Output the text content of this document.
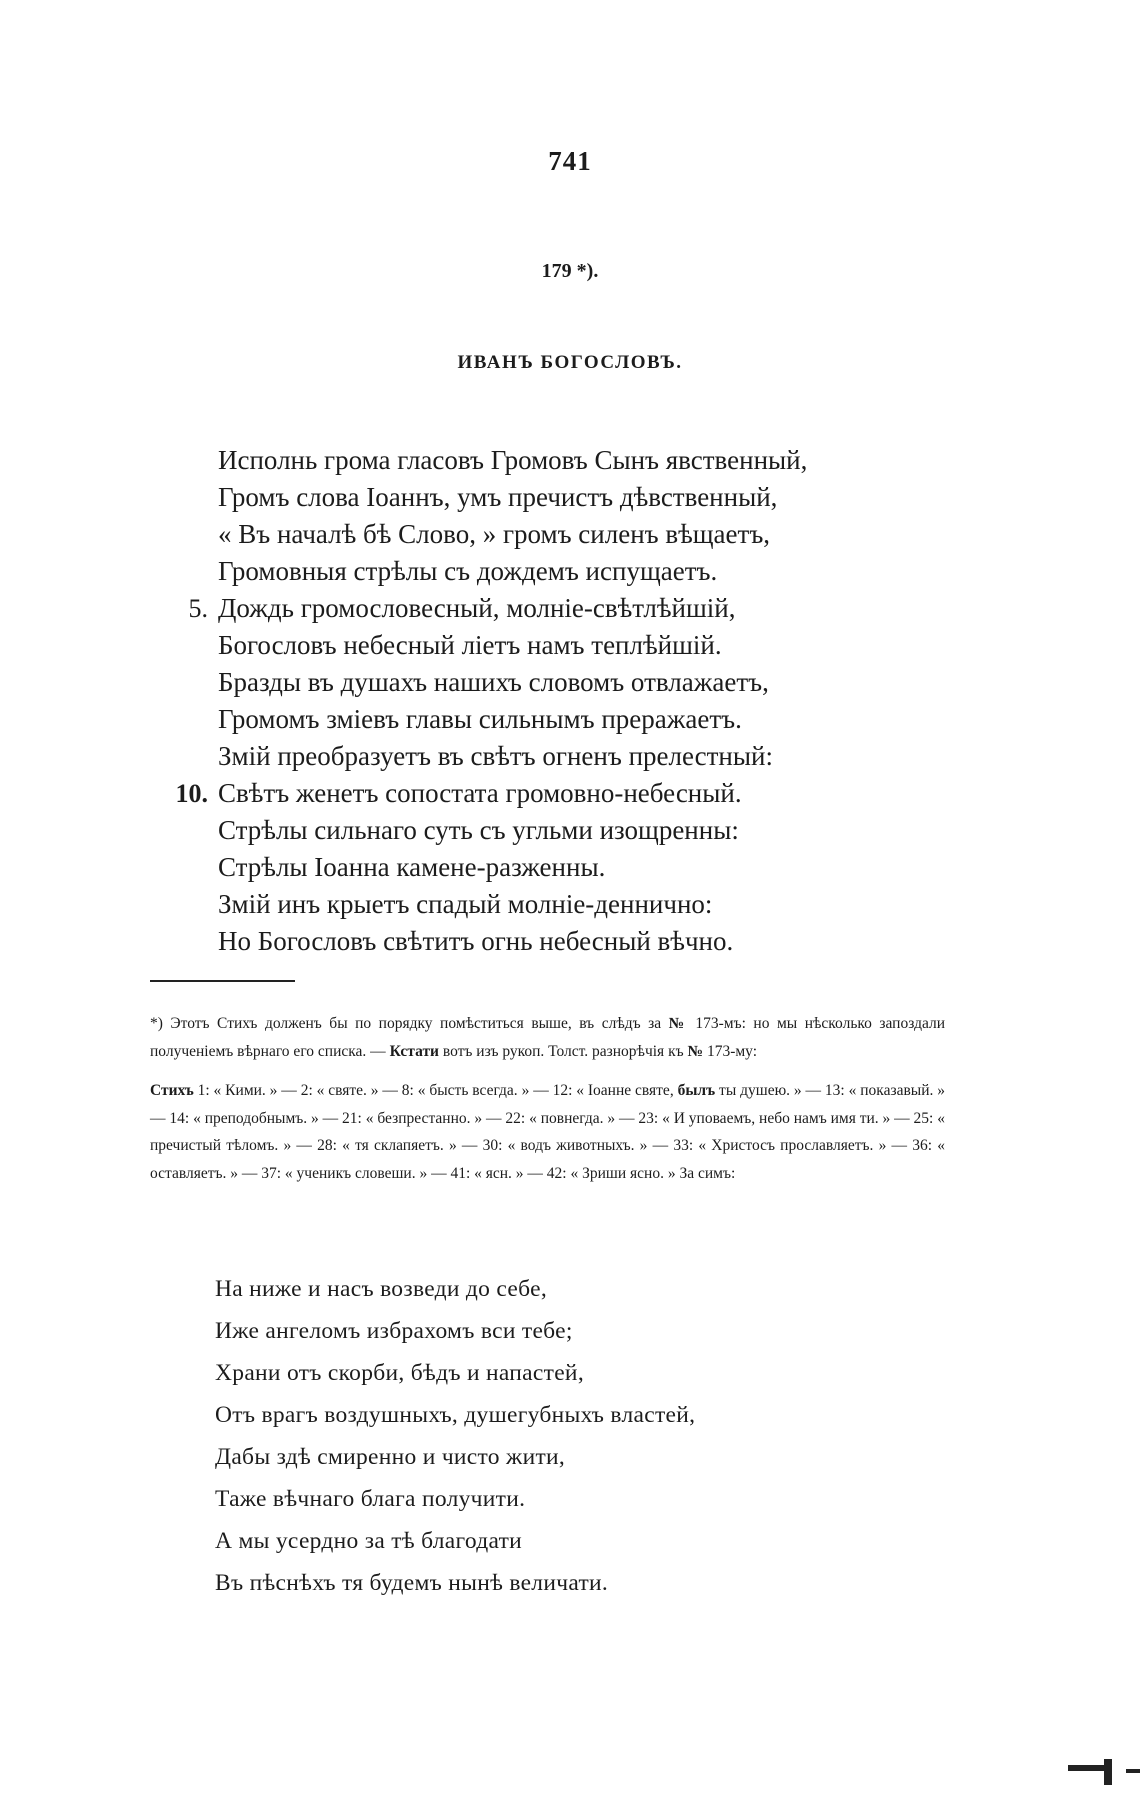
741
179 *).
ИВАНЪ БОГОСЛОВЪ.
Исполнь грома гласовъ Громовъ Сынъ явственный,
Громъ слова Іоаннъ, умъ пречистъ дѣвственный,
« Въ началѣ бѣ Слово, » громъ силенъ вѣщаетъ,
Громовныя стрѣлы съ дождемъ испущаетъ.
5. Дождь громословесный, молніе-свѣтлѣйшій,
Богословъ небесный ліетъ намъ теплѣйшій.
Бразды въ душахъ нашихъ словомъ отвлажаетъ,
Громомъ зміевъ главы сильнымъ преражаетъ.
Змій преобразуетъ въ свѣтъ огненъ прелестный:
10. Свѣтъ женетъ сопостата громовно-небесный.
Стрѣлы сильнаго суть съ угльми изощренны:
Стрѣлы Іоанна камене-разженны.
Змій инъ крыетъ спадый молніе-денничнo:
Но Богословъ свѣтитъ огнь небесный вѣчно.

*) Этотъ Стихъ долженъ бы по порядку помѣститься выше, въ слѣдъ за № 173-мъ: но мы нѣсколько запоздали полученіемъ вѣрнаго его списка. — Кстати вотъ изъ рукоп. Толст. разнорѣчія къ № 173-му:

Стихъ 1: « Кими. » — 2: « святе. » — 8: « бысть всегда. » — 12: « Іоанне святе, былъ ты душею. » — 13: « показавый. » — 14: « преподобнымъ. » — 21: « безпрестанно. » — 22: « повнегда. » — 23: « И уповаемъ, небо намъ имя ти. » — 25: « пречистый тѣломъ. » — 28: « тя склапяетъ. » — 30: « водъ животныхъ. » — 33: « Христосъ прославляетъ. » — 36: « оставляетъ. » — 37: « ученикъ словеши. » — 41: « ясн. » — 42: « Зриши ясно. » За симъ:

На ниже и насъ возведи до себе,
Иже ангеломъ избрахомъ вси тебе;
Храни отъ скорби, бѣдъ и напастей,
Отъ врагъ воздушныхъ, душегубныхъ властей,
Дабы здѣ смиренно и чисто жити,
Таже вѣчнаго блага получити.
А мы усердно за тѣ благодати
Въ пѣснѣхъ тя будемъ нынѣ величати.
